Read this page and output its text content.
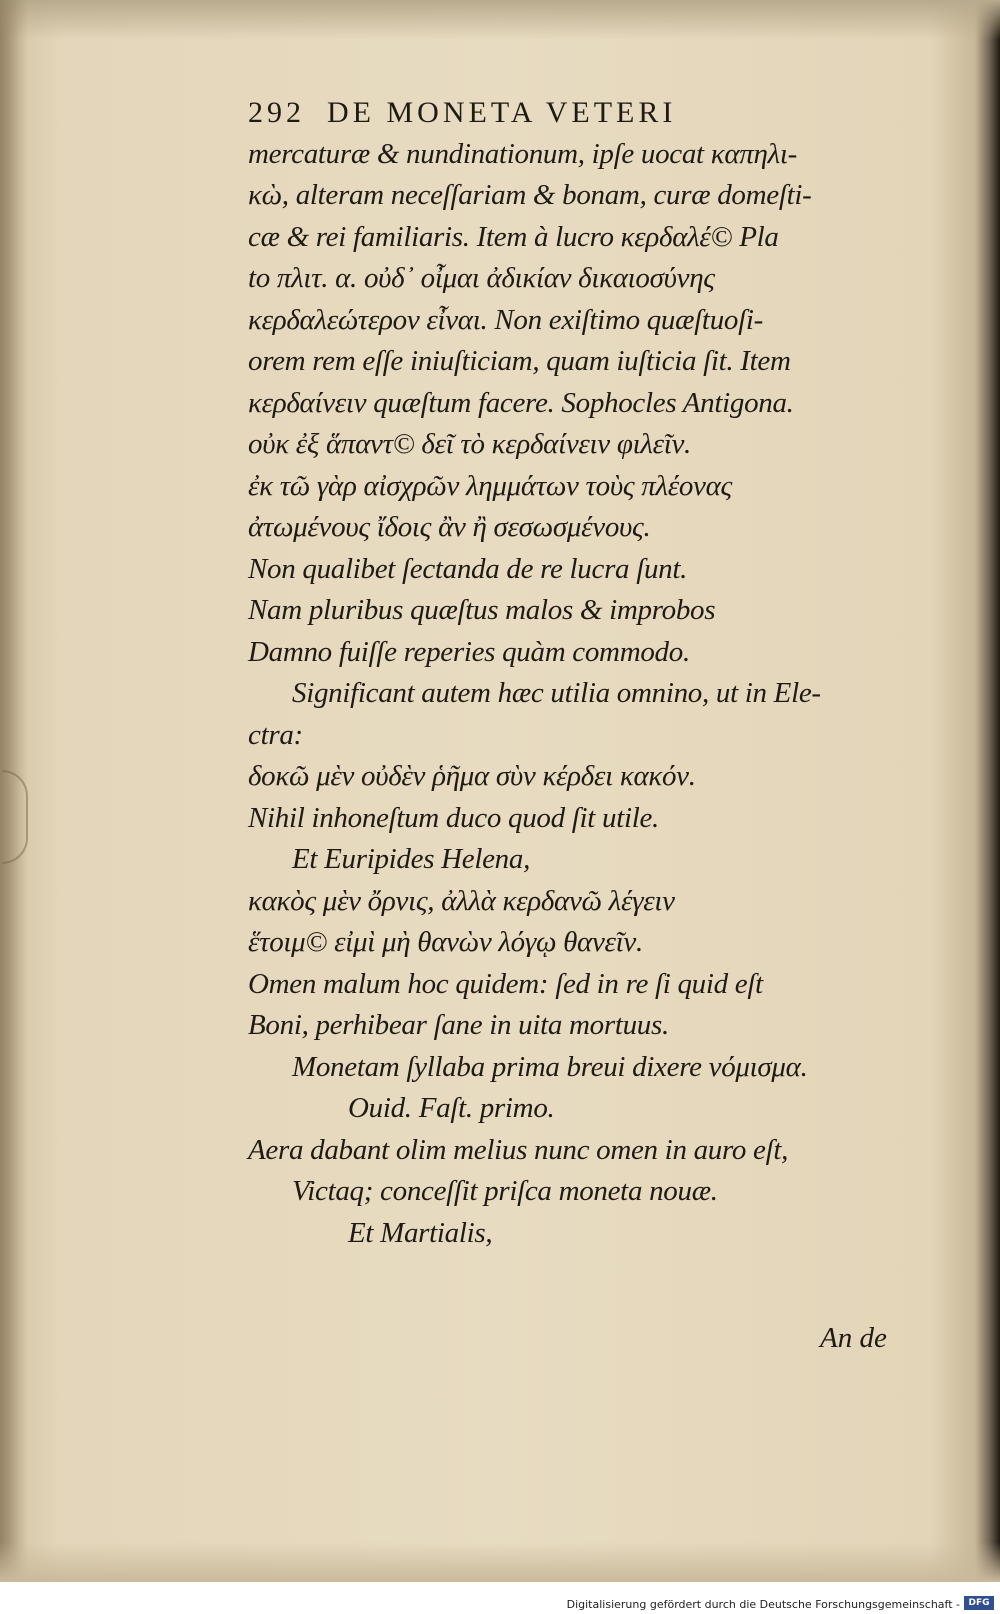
292 DE MONETA VETERI
mercaturæ & nundinationum, ipſe uocat καπηλι-
κὼ, alteram neceſſariam & bonam, curæ domeſti-
cæ & rei familiaris. Item à lucro κερδαλέ© Pla
to πλιτ. α. οὐδ᾽ οἶμαι ἀδικίαν δικαιοσύνης
κερδαλεώτερον εἶναι. Non exiſtimo quæſtuoſi-
orem rem eſſe iniuſticiam, quam iuſticia ſit. Item
κερδαίνειν quæſtum facere. Sophocles Antigona.
οὐκ ἐξ ἅπαντ© δεῖ τὸ κερδαίνειν φιλεῖν.
ἐκ τῶ γὰρ αἰσχρῶν λημμάτων τοὺς πλέονας
ἀτωμένους ἴδοις ἂν ἢ σεσωσμένους.
Non qualibet ſectanda de re lucra ſunt.
Nam pluribus quæſtus malos & improbos
Damno fuiſſe reperies quàm commodo.
Significant autem hæc utilia omnino, ut in Ele-
ctra:
δοκῶ μὲν οὐδὲν ῥῆμα σὺν κέρδει κακόν.
Nihil inhoneſtum duco quod ſit utile.
Et Euripides Helena,
κακὸς μὲν ὄρνις, ἀλλὰ κερδανῶ λέγειν
ἕτοιμ© εἰμὶ μὴ θανὼν λόγῳ θανεῖν.
Omen malum hoc quidem: ſed in re ſi quid eſt
Boni, perhibear ſane in uita mortuus.
Monetam ſyllaba prima breui dixere νόμισμα.
Ouid. Faſt. primo.
Aera dabant olim melius nunc omen in auro eſt,
Victaq; conceſſit priſca moneta nouæ.
Et Martialis,
An de
Digitalisierung gefördert durch die Deutsche Forschungsgemeinschaft - DFG
